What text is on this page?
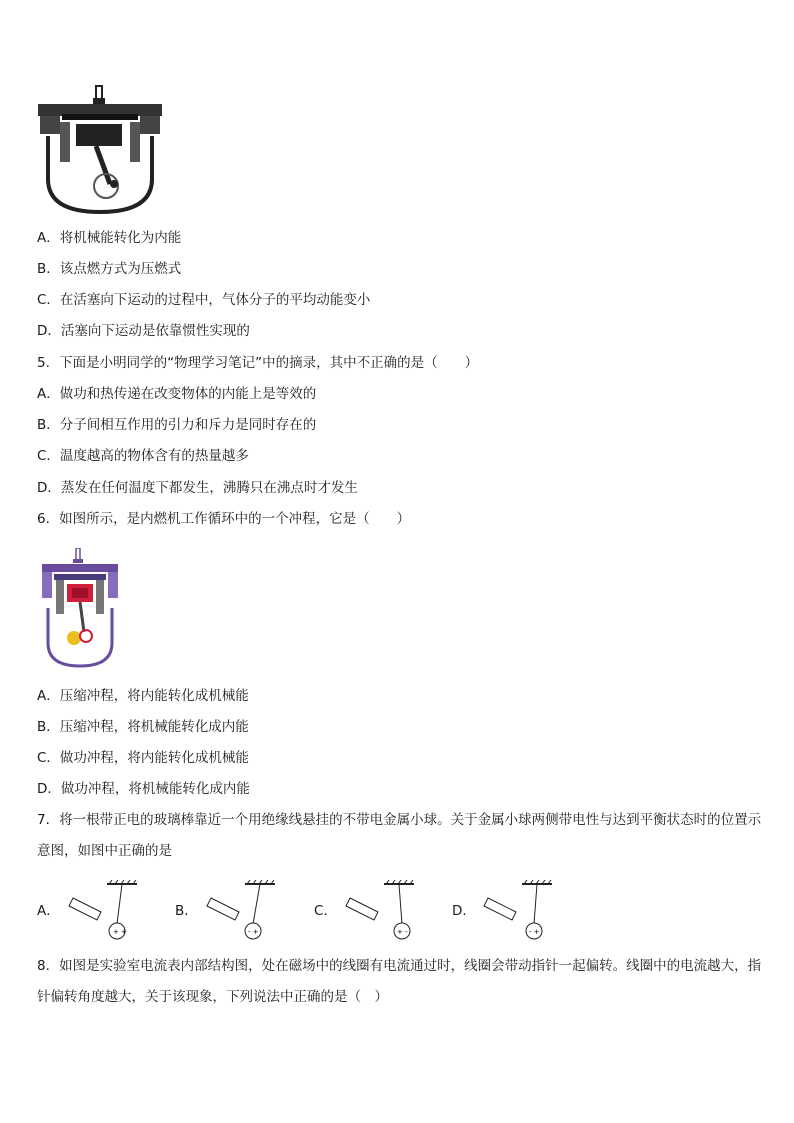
A．将机械能转化为内能
B．该点燃方式为压燃式
C．在活塞向下运动的过程中，气体分子的平均动能变小
D．活塞向下运动是依靠惯性实现的
5．下面是小明同学的“物理学习笔记”中的摘录，其中不正确的是（　　）
A．做功和热传递在改变物体的内能上是等效的
B．分子间相互作用的引力和斥力是同时存在的
C．温度越高的物体含有的热量越多
D．蒸发在任何温度下都发生，沸腾只在沸点时才发生
6．如图所示，是内燃机工作循环中的一个冲程，它是（　　）
A．压缩冲程，将内能转化成机械能
B．压缩冲程，将机械能转化成内能
C．做功冲程，将内能转化成机械能
D．做功冲程，将机械能转化成内能
7．将一根带正电的玻璃棒靠近一个用绝缘线悬挂的不带电金属小球。关于金属小球两侧带电性与达到平衡状态时的位置示意图，如图中正确的是
A．
+ +
B．
- +
C．
+ -
D．
- +
8．如图是实验室电流表内部结构图，处在磁场中的线圈有电流通过时，线圈会带动指针一起偏转。线圈中的电流越大，指针偏转角度越大，关于该现象，下列说法中正确的是（　）
